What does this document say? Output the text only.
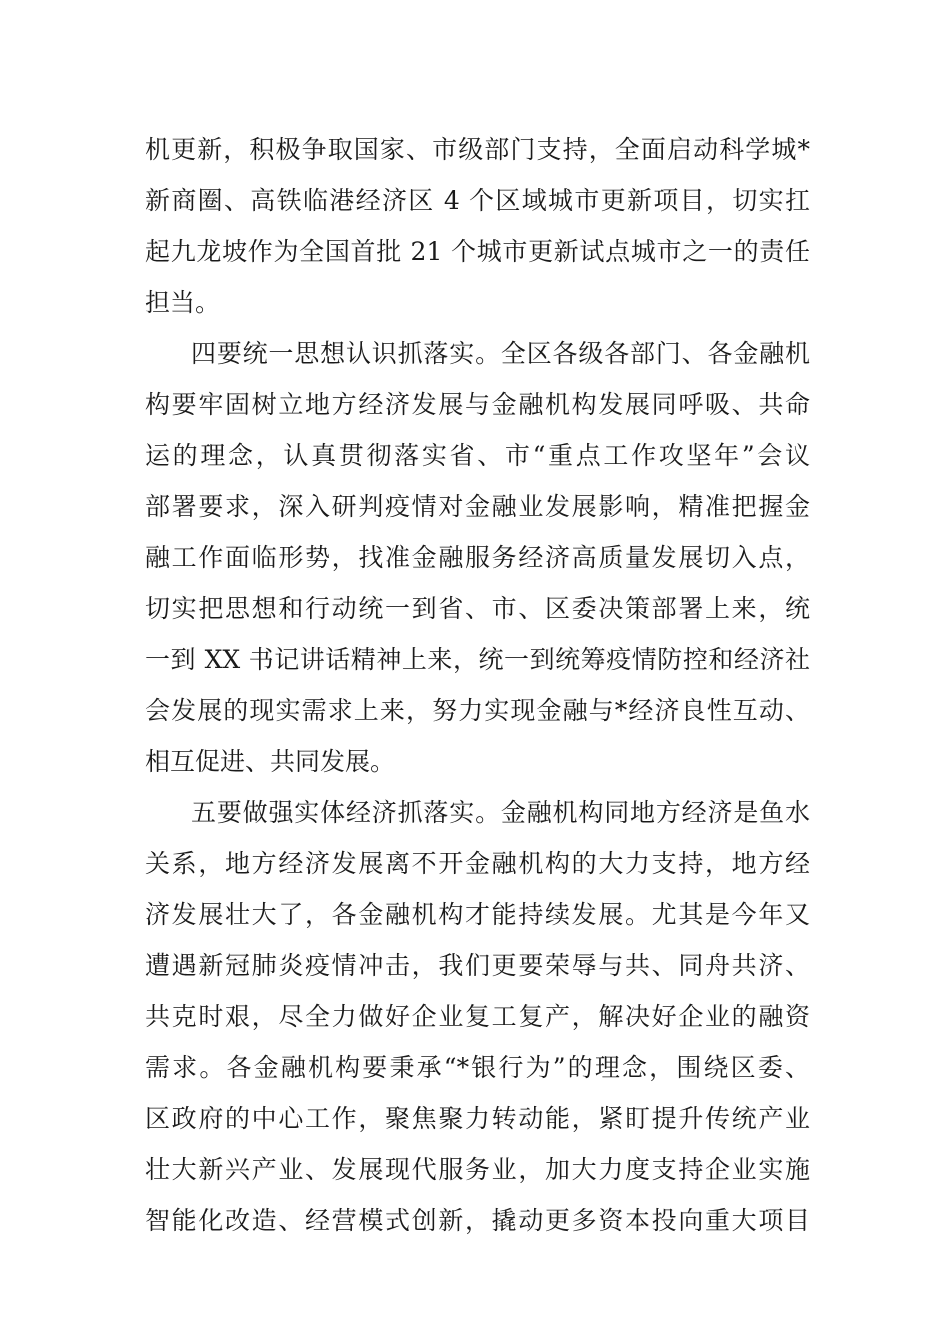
机更新，积极争取国家、市级部门支持，全面启动科学城*
新商圈、高铁临港经济区 4 个区域城市更新项目，切实扛
起九龙坡作为全国首批 21 个城市更新试点城市之一的责任
担当。
四要统一思想认识抓落实。全区各级各部门、各金融机
构要牢固树立地方经济发展与金融机构发展同呼吸、共命
运的理念，认真贯彻落实省、市“重点工作攻坚年”会议
部署要求，深入研判疫情对金融业发展影响，精准把握金
融工作面临形势，找准金融服务经济高质量发展切入点，
切实把思想和行动统一到省、市、区委决策部署上来，统
一到 XX 书记讲话精神上来，统一到统筹疫情防控和经济社
会发展的现实需求上来，努力实现金融与*经济良性互动、
相互促进、共同发展。
五要做强实体经济抓落实。金融机构同地方经济是鱼水
关系，地方经济发展离不开金融机构的大力支持，地方经
济发展壮大了，各金融机构才能持续发展。尤其是今年又
遭遇新冠肺炎疫情冲击，我们更要荣辱与共、同舟共济、
共克时艰，尽全力做好企业复工复产，解决好企业的融资
需求。各金融机构要秉承“*银行为”的理念，围绕区委、
区政府的中心工作，聚焦聚力转动能，紧盯提升传统产业
壮大新兴产业、发展现代服务业，加大力度支持企业实施
智能化改造、经营模式创新，撬动更多资本投向重大项目
